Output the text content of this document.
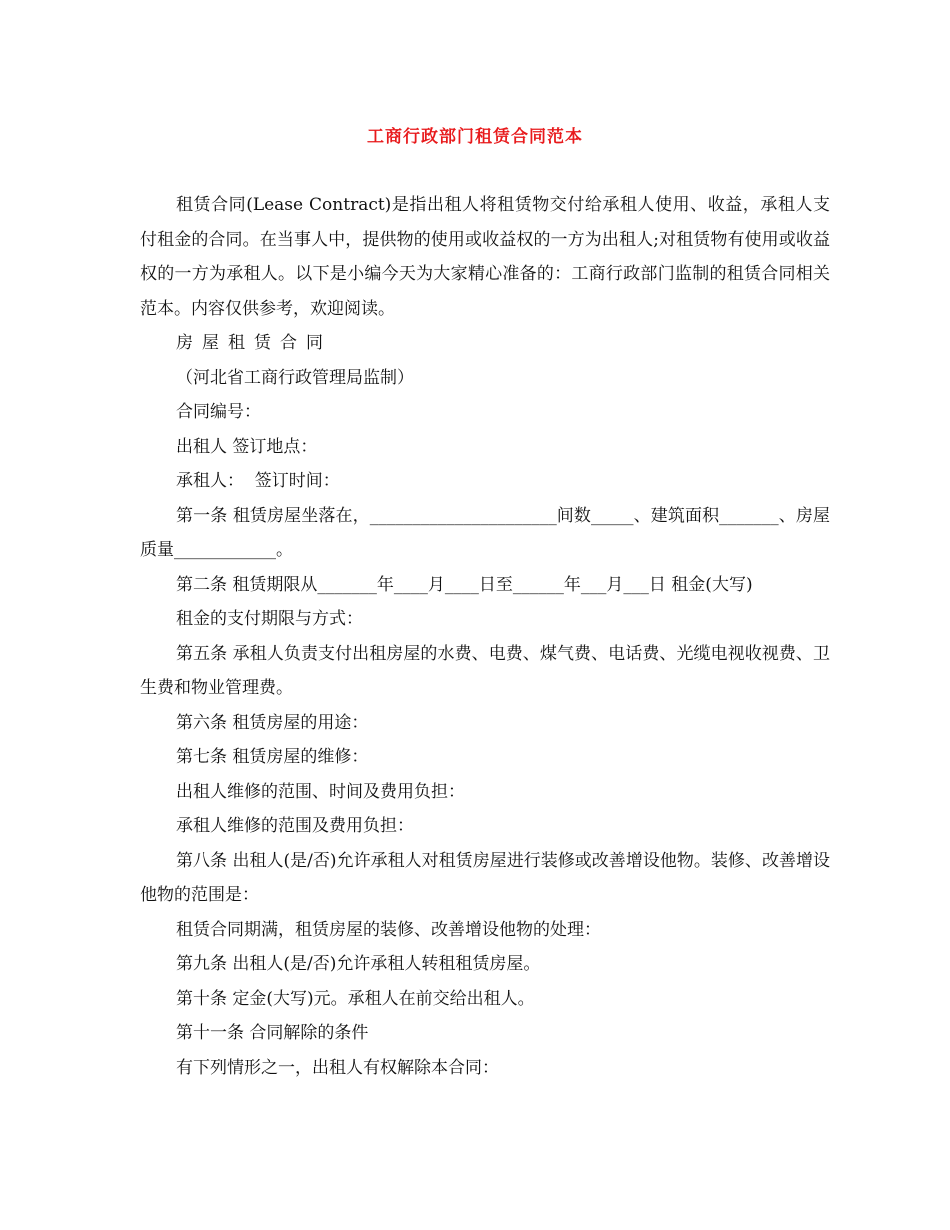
工商行政部门租赁合同范本

租赁合同(Lease Contract)是指出租人将租赁物交付给承租人使用、收益，承租人支付租金的合同。在当事人中，提供物的使用或收益权的一方为出租人;对租赁物有使用或收益权的一方为承租人。以下是小编今天为大家精心准备的：工商行政部门监制的租赁合同相关范本。内容仅供参考，欢迎阅读。

房屋租赁合同

（河北省工商行政管理局监制）

合同编号：

出租人 签订地点：

承租人：  签订时间：

第一条 租赁房屋坐落在，______________________间数_____、建筑面积_______、房屋质量____________。

第二条 租赁期限从_______年____月____日至______年___月___日 租金(大写)

租金的支付期限与方式：

第五条 承租人负责支付出租房屋的水费、电费、煤气费、电话费、光缆电视收视费、卫生费和物业管理费。

第六条 租赁房屋的用途：

第七条 租赁房屋的维修：

出租人维修的范围、时间及费用负担：

承租人维修的范围及费用负担：

第八条 出租人(是/否)允许承租人对租赁房屋进行装修或改善增设他物。装修、改善增设他物的范围是：

租赁合同期满，租赁房屋的装修、改善增设他物的处理：

第九条 出租人(是/否)允许承租人转租租赁房屋。

第十条 定金(大写)元。承租人在前交给出租人。

第十一条 合同解除的条件

有下列情形之一，出租人有权解除本合同：
